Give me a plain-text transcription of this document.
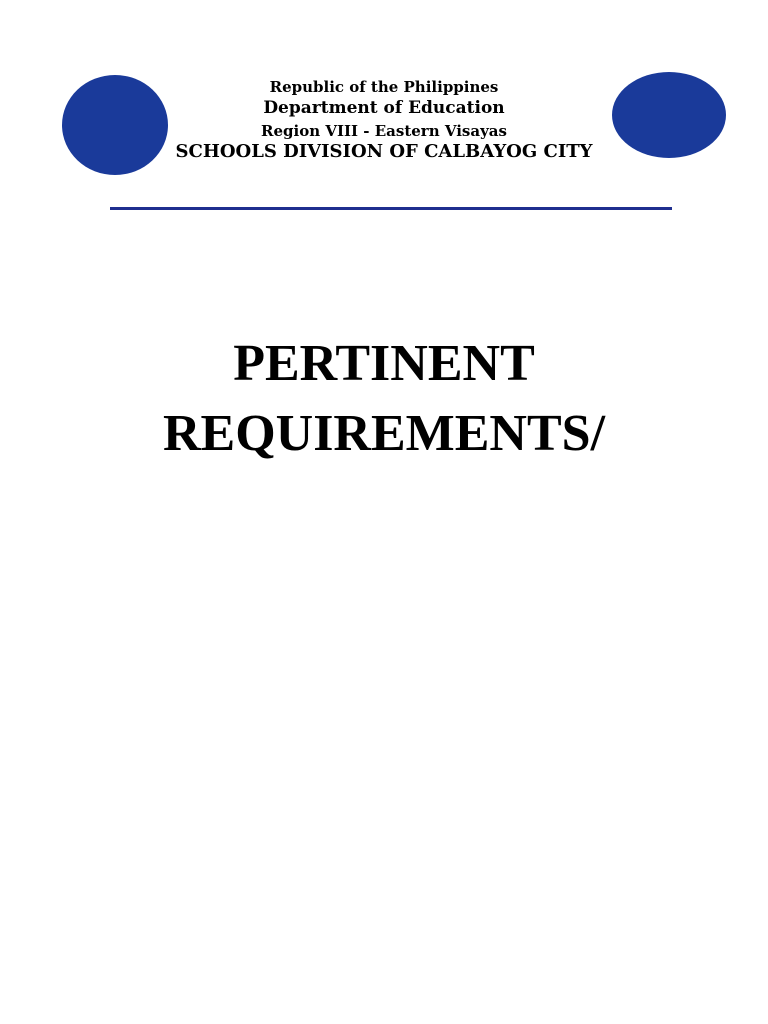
Republic of the Philippines
Department of Education
Region VIII - Eastern Visayas
SCHOOLS DIVISION OF CALBAYOG CITY
PERTINENT
REQUIREMENTS/
